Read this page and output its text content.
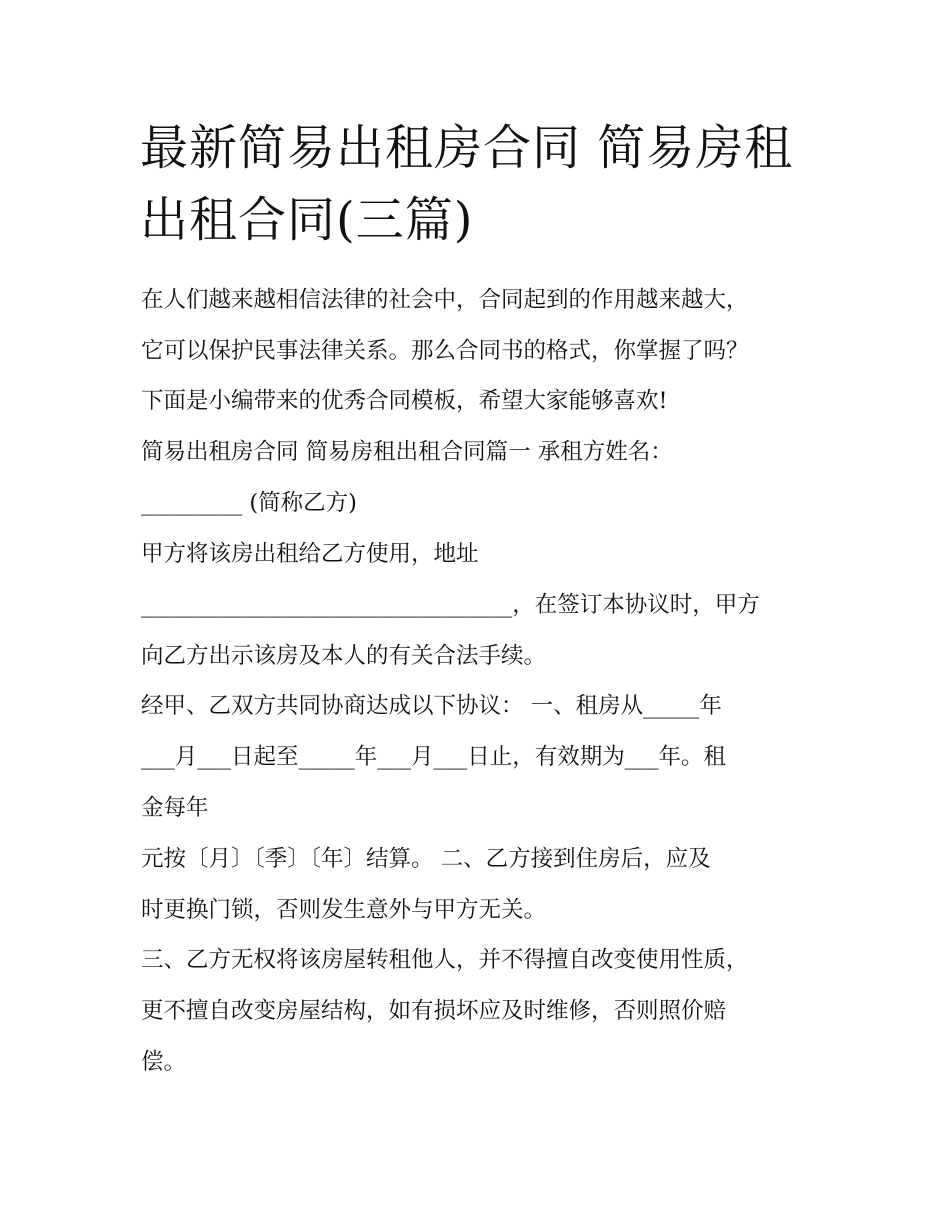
最新简易出租房合同 简易房租
出租合同(三篇)

在人们越来越相信法律的社会中，合同起到的作用越来越大，

它可以保护民事法律关系。那么合同书的格式，你掌握了吗？

下面是小编带来的优秀合同模板，希望大家能够喜欢!

简易出租房合同 简易房租出租合同篇一 承租方姓名：

_________ (简称乙方)

甲方将该房出租给乙方使用，地址

_________________________________，在签订本协议时，甲方

向乙方出示该房及本人的有关合法手续。

经甲、乙双方共同协商达成以下协议： 一、租房从_____年

___月___日起至_____年___月___日止，有效期为___年。租

金每年

元按〔月〕〔季〕〔年〕结算。 二、乙方接到住房后，应及

时更换门锁，否则发生意外与甲方无关。

三、乙方无权将该房屋转租他人，并不得擅自改变使用性质，

更不擅自改变房屋结构，如有损坏应及时维修，否则照价赔

偿。
